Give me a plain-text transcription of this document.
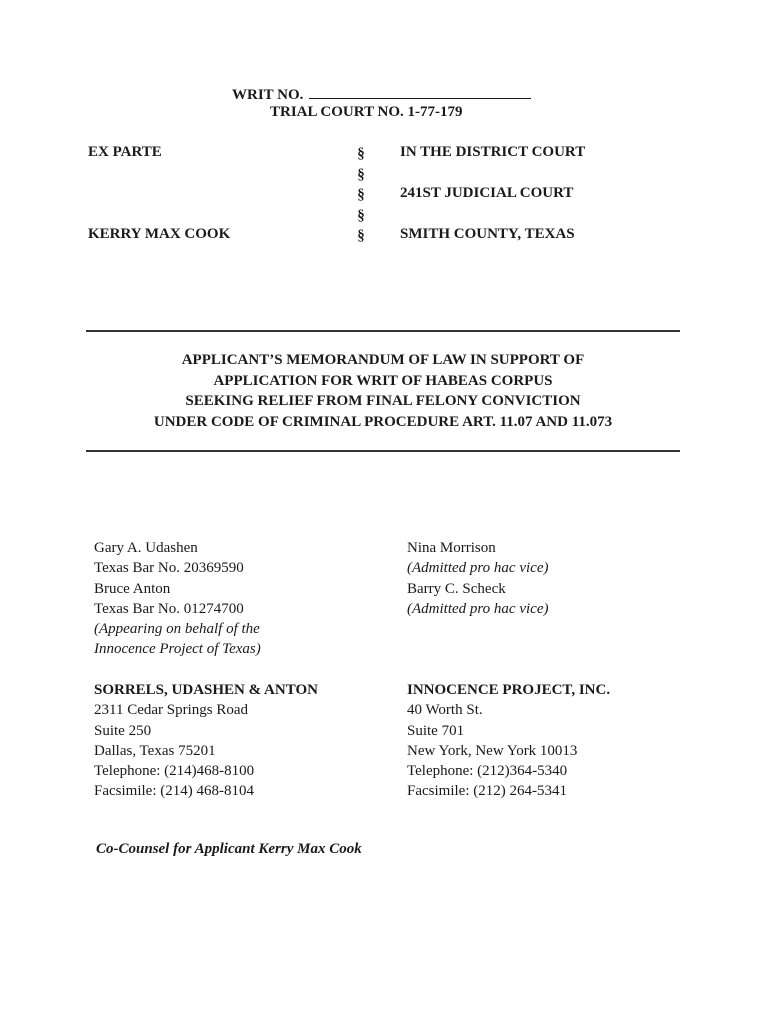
WRIT NO.
TRIAL COURT NO. 1-77-179
EX PARTE
KERRY MAX COOK
§
§
§
§
§
IN THE DISTRICT COURT
241ST JUDICIAL COURT
SMITH COUNTY, TEXAS
APPLICANT’S MEMORANDUM OF LAW IN SUPPORT OF
APPLICATION FOR WRIT OF HABEAS CORPUS
SEEKING RELIEF FROM FINAL FELONY CONVICTION
UNDER CODE OF CRIMINAL PROCEDURE ART. 11.07 AND 11.073
Gary A. Udashen
Texas Bar No. 20369590
Bruce Anton
Texas Bar No. 01274700
(Appearing on behalf of the
Innocence Project of Texas)
SORRELS, UDASHEN & ANTON
2311 Cedar Springs Road
Suite 250
Dallas, Texas 75201
Telephone: (214)468-8100
Facsimile: (214) 468-8104
Nina Morrison
(Admitted pro hac vice)
Barry C. Scheck
(Admitted pro hac vice)
INNOCENCE PROJECT, INC.
40 Worth St.
Suite 701
New York, New York 10013
Telephone: (212)364-5340
Facsimile: (212) 264-5341
Co-Counsel for Applicant Kerry Max Cook
